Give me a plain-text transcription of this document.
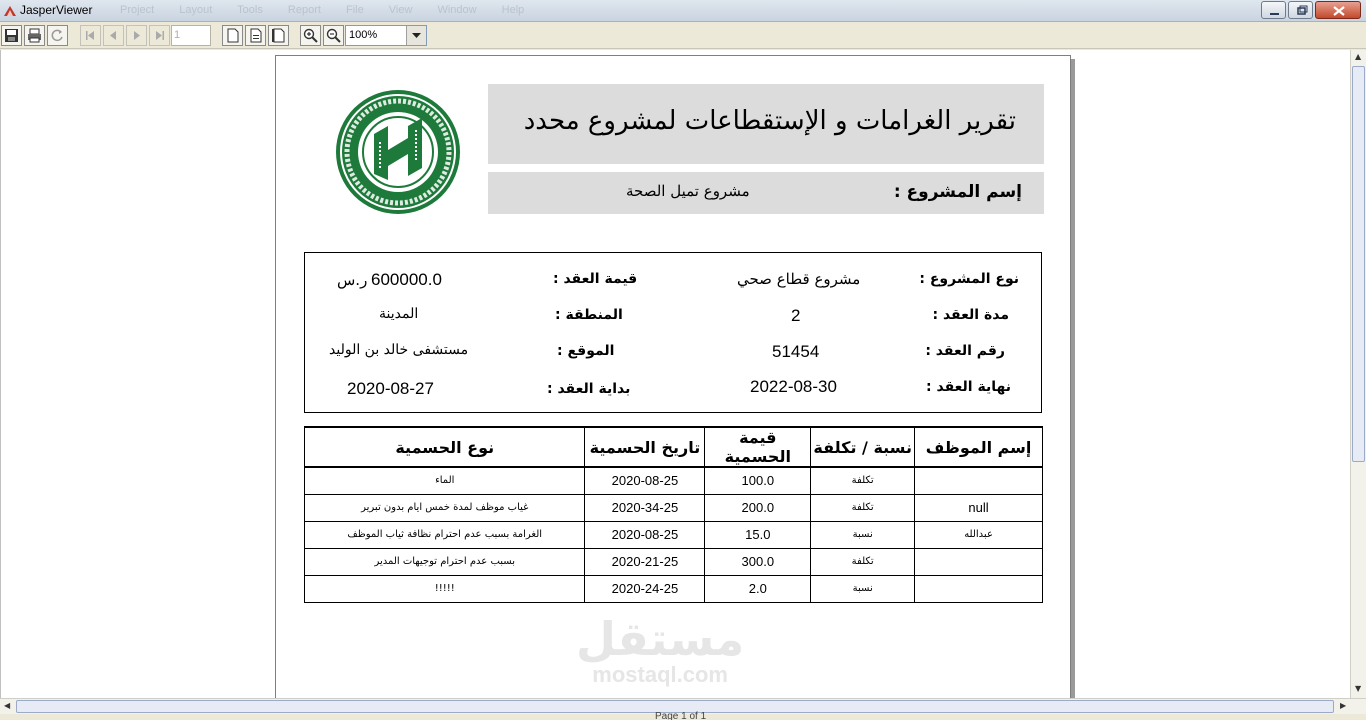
JasperViewer	Project Layout Tools Report File View Window Help
1	100%
تقرير الغرامات و الإستقطاعات لمشروع محدد
إسم المشروع :
مشروع تميل الصحة
نوع المشروع :
مشروع قطاع صحي
قيمة العقد :
600000.0
ر.س
مدة العقد :
2
المنطقة :
المدينة
رقم العقد :
51454
الموقع :
مستشفى خالد بن الوليد
نهاية العقد :
2022-08-30
بداية العقد :
2020-08-27
نوع الحسمية	تاريخ الحسمية	قيمة الحسمية	نسبة / تكلفة	إسم الموظف
الماء	2020-08-25	100.0	تكلفة	
غياب موظف لمدة خمس ايام بدون تبرير	2020-34-25	200.0	تكلفة	null
الغرامة بسبب عدم احترام نظافة ثياب الموظف	2020-08-25	15.0	نسبة	عبدالله
بسبب عدم احترام توجيهات المدير	2020-21-25	300.0	تكلفة	
!!!!!	2020-24-25	2.0	نسبة	
مستقل
mostaql.com
▲
▼
◀	▶
Page 1 of 1
